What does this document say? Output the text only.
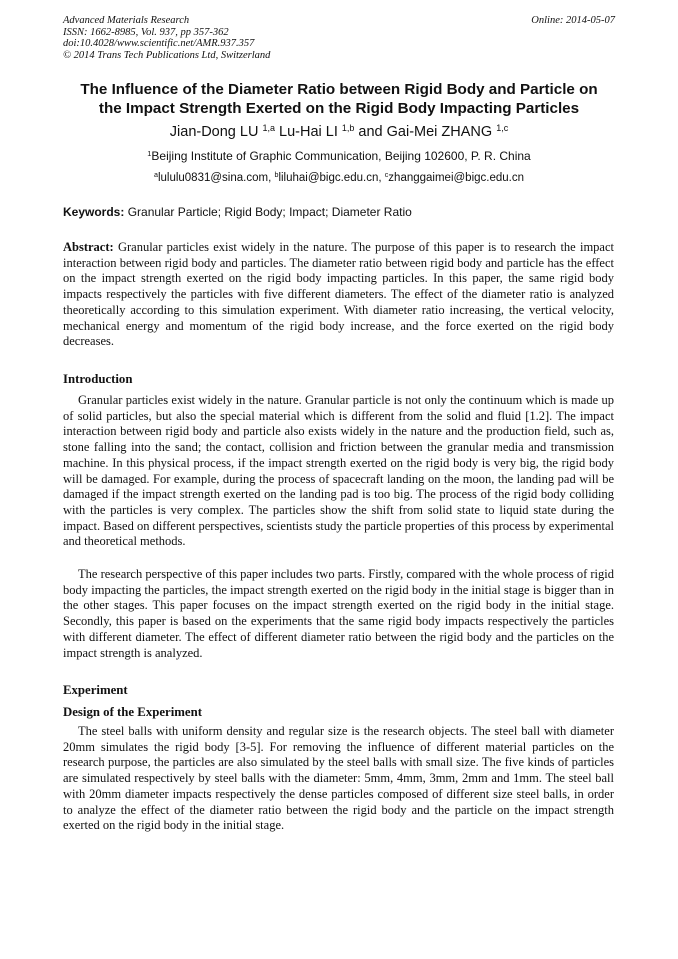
Advanced Materials Research
ISSN: 1662-8985, Vol. 937, pp 357-362
doi:10.4028/www.scientific.net/AMR.937.357
© 2014 Trans Tech Publications Ltd, Switzerland
Online: 2014-05-07
The Influence of the Diameter Ratio between Rigid Body and Particle on
the Impact Strength Exerted on the Rigid Body Impacting Particles
Jian-Dong LU $^{1,a}$ Lu-Hai LI $^{1,b}$ and Gai-Mei ZHANG $^{1,c}$
$^1$Beijing Institute of Graphic Communication, Beijing 102600, P. R. China
$^a$lululu0831@sina.com, $^b$liluhai@bigc.edu.cn, $^c$zhanggaimei@bigc.edu.cn
Keywords: Granular Particle; Rigid Body; Impact; Diameter Ratio
Abstract: Granular particles exist widely in the nature. The purpose of this paper is to research the impact interaction between rigid body and particles. The diameter ratio between rigid body and particle has the effect on the impact strength exerted on the rigid body impacting particles. In this paper, the same rigid body impacts respectively the particles with five different diameters. The effect of the diameter ratio is analyzed theoretically according to this simulation experiment. With diameter ratio increasing, the vertical velocity, mechanical energy and momentum of the rigid body increase, and the force exerted on the rigid body decreases.
Introduction

Granular particles exist widely in the nature. Granular particle is not only the continuum which is made up of solid particles, but also the special material which is different from the solid and fluid [1.2]. The impact interaction between rigid body and particle also exists widely in the nature and the production field, such as, stone falling into the sand; the contact, collision and friction between the granular media and transmission machine. In this physical process, if the impact strength exerted on the rigid body is very big, the rigid body will be damaged. For example, during the process of spacecraft landing on the moon, the landing pad will be damaged if the impact strength exerted on the landing pad is too big. The process of the rigid body colliding with the particles is very complex. The particles show the shift from solid state to liquid state during the impact. Based on different perspectives, scientists study the particle properties of this process by experimental and theoretical methods.

The research perspective of this paper includes two parts. Firstly, compared with the whole process of rigid body impacting the particles, the impact strength exerted on the rigid body in the initial stage is bigger than in the other stages. This paper focuses on the impact strength exerted on the rigid body in the initial stage. Secondly, this paper is based on the experiments that the same rigid body impacts respectively the particles with different diameter. The effect of different diameter ratio between the rigid body and the particles on the impact strength is analyzed.

Experiment
Design of the Experiment

The steel balls with uniform density and regular size is the research objects. The steel ball with diameter 20mm simulates the rigid body [3-5]. For removing the influence of different material particles on the research purpose, the particles are also simulated by the steel balls with small size. The five kinds of particles are simulated respectively by steel balls with the diameter: 5mm, 4mm, 3mm, 2mm and 1mm. The steel ball with 20mm diameter impacts respectively the dense particles composed of different size steel balls, in order to analyze the effect of the diameter ratio between the rigid body and the particle on the impact strength exerted on the rigid body in the initial stage.
